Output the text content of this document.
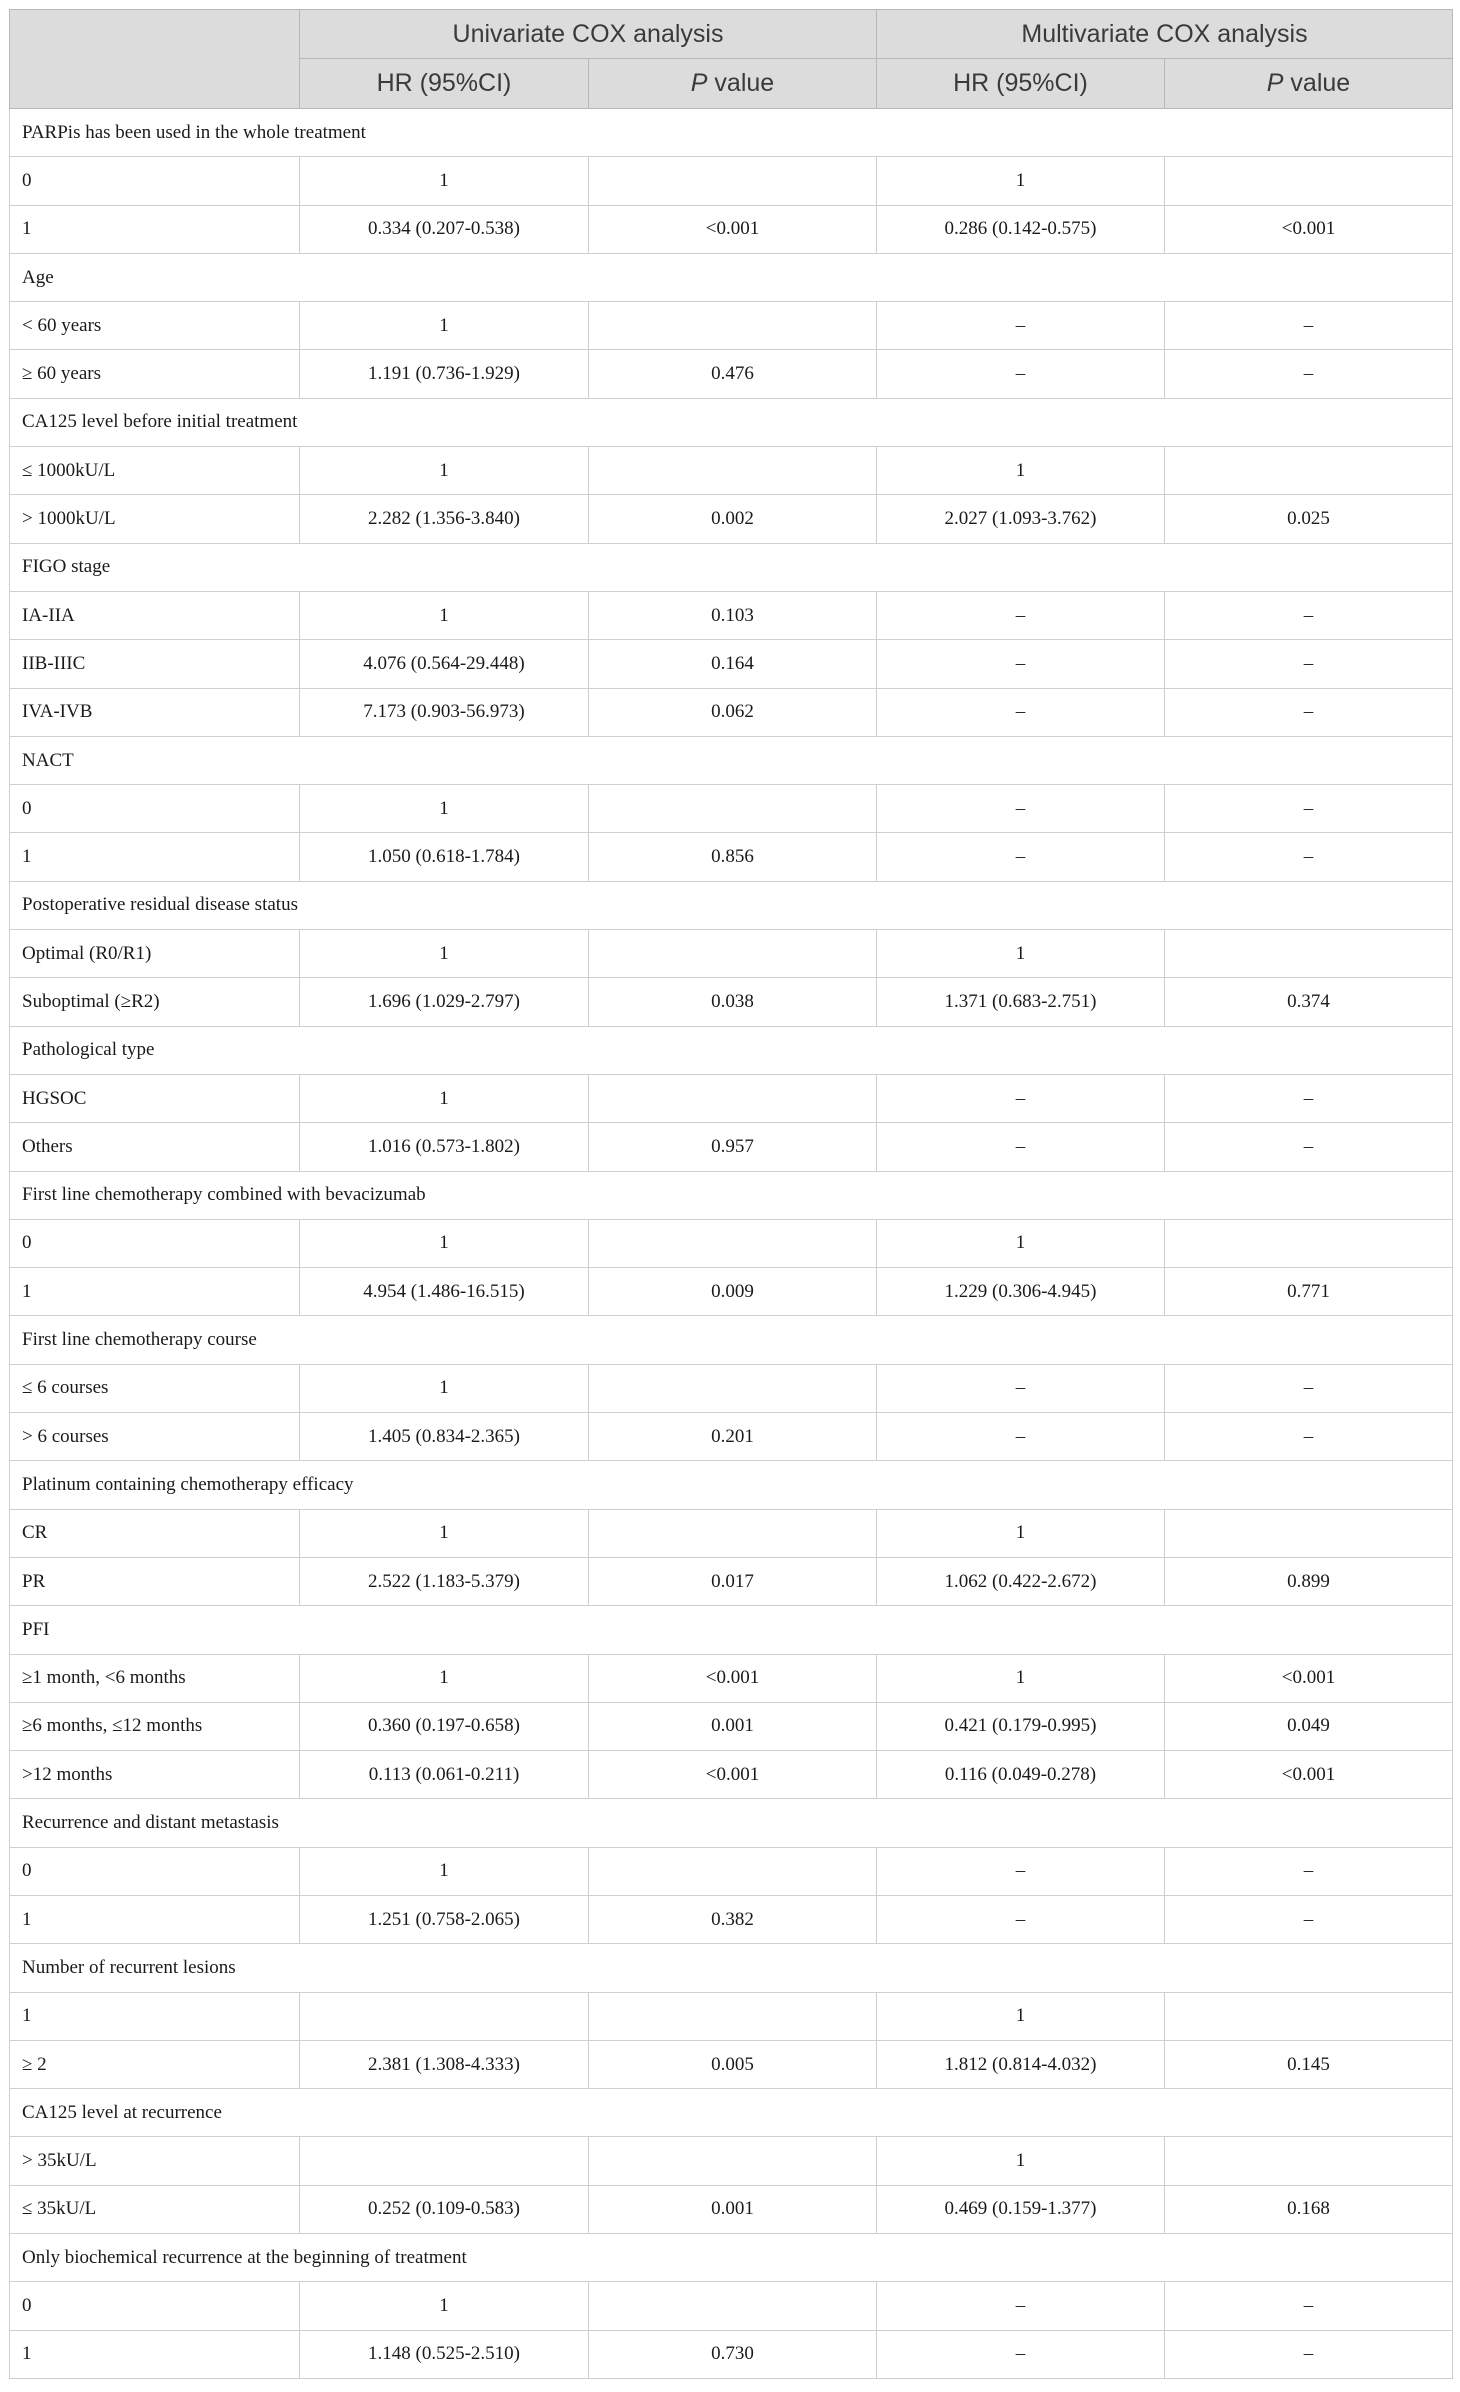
	Univariate COX analysis		Multivariate COX analysis	
	HR (95%CI)	P value	HR (95%CI)	P value
PARPis has been used in the whole treatment				
0	1		1	
1	0.334 (0.207-0.538)	<0.001	0.286 (0.142-0.575)	<0.001
Age				
< 60 years	1		–	–
≥ 60 years	1.191 (0.736-1.929)	0.476	–	–
CA125 level before initial treatment				
≤ 1000kU/L	1		1	
> 1000kU/L	2.282 (1.356-3.840)	0.002	2.027 (1.093-3.762)	0.025
FIGO stage				
IA-IIA	1	0.103	–	–
IIB-IIIC	4.076 (0.564-29.448)	0.164	–	–
IVA-IVB	7.173 (0.903-56.973)	0.062	–	–
NACT				
0	1		–	–
1	1.050 (0.618-1.784)	0.856	–	–
Postoperative residual disease status				
Optimal (R0/R1)	1		1	
Suboptimal (≥R2)	1.696 (1.029-2.797)	0.038	1.371 (0.683-2.751)	0.374
Pathological type				
HGSOC	1		–	–
Others	1.016 (0.573-1.802)	0.957	–	–
First line chemotherapy combined with bevacizumab				
0	1		1	
1	4.954 (1.486-16.515)	0.009	1.229 (0.306-4.945)	0.771
First line chemotherapy course				
≤ 6 courses	1		–	–
> 6 courses	1.405 (0.834-2.365)	0.201	–	–
Platinum containing chemotherapy efficacy				
CR	1		1	
PR	2.522 (1.183-5.379)	0.017	1.062 (0.422-2.672)	0.899
PFI				
≥1 month, <6 months	1	<0.001	1	<0.001
≥6 months, ≤12 months	0.360 (0.197-0.658)	0.001	0.421 (0.179-0.995)	0.049
>12 months	0.113 (0.061-0.211)	<0.001	0.116 (0.049-0.278)	<0.001
Recurrence and distant metastasis				
0	1		–	–
1	1.251 (0.758-2.065)	0.382	–	–
Number of recurrent lesions				
1			1	
≥ 2	2.381 (1.308-4.333)	0.005	1.812 (0.814-4.032)	0.145
CA125 level at recurrence				
> 35kU/L			1	
≤ 35kU/L	0.252 (0.109-0.583)	0.001	0.469 (0.159-1.377)	0.168
Only biochemical recurrence at the beginning of treatment				
0	1		–	–
1	1.148 (0.525-2.510)	0.730	–	–
